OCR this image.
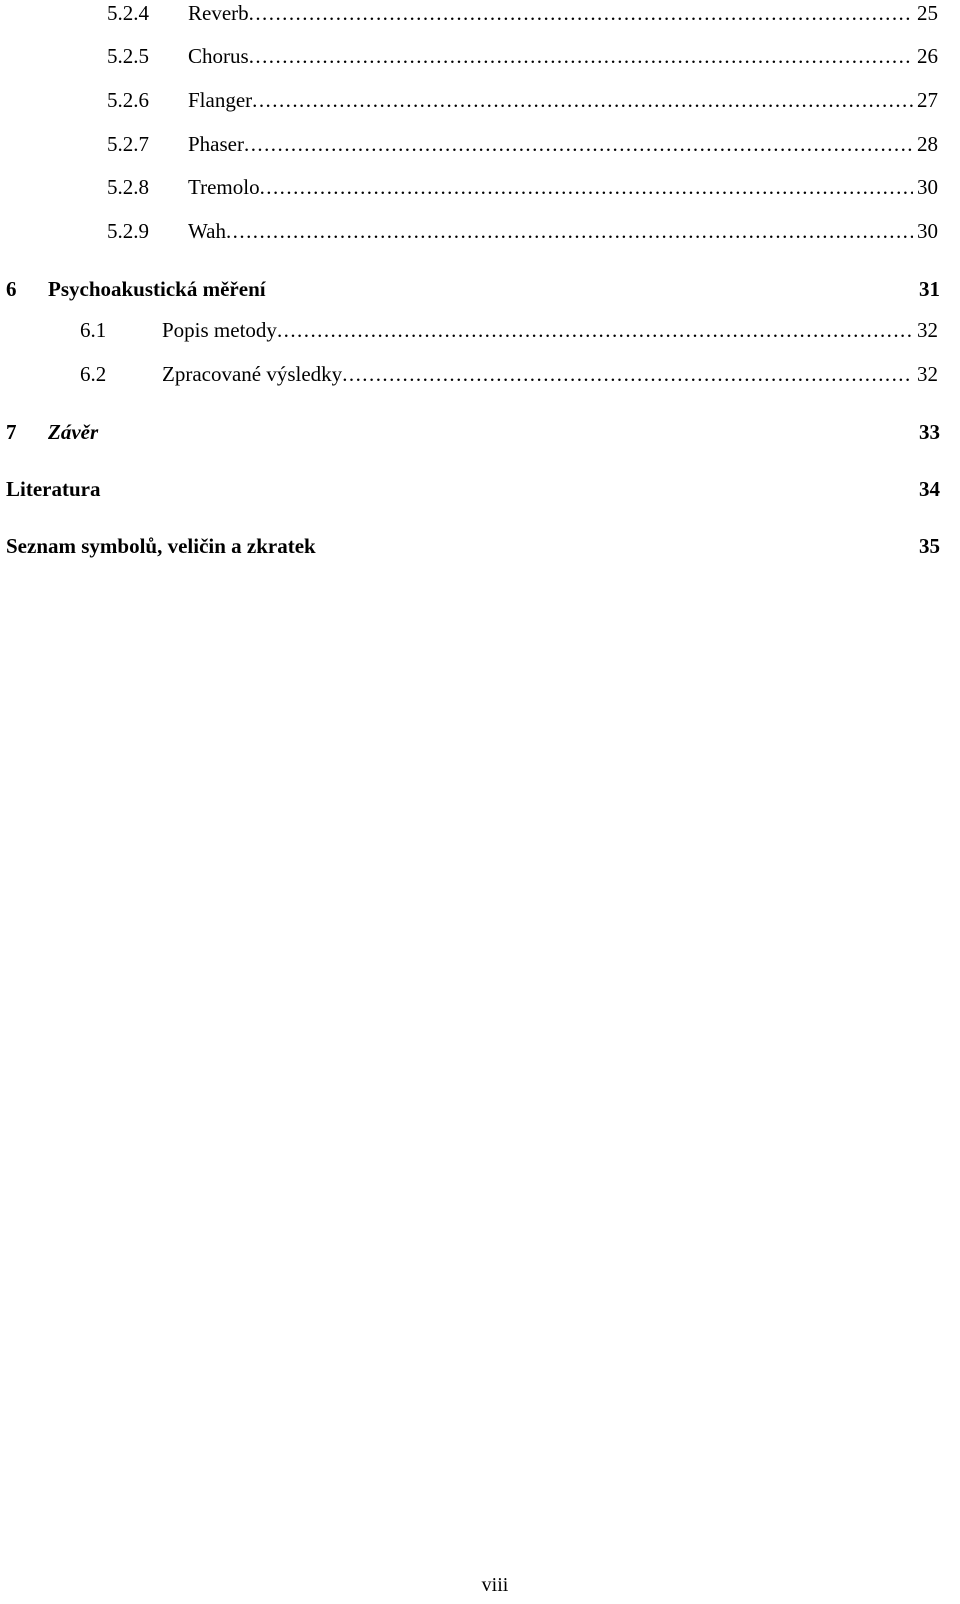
5.2.4 Reverb . . .	25
5.2.5 Chorus . . .	26
5.2.6 Flanger . . .	27
5.2.7 Phaser . . .	28
5.2.8 Tremolo . . .	30
5.2.9 Wah . . .	30
6 Psychoakustická měření	31
6.1	Popis metody . . .	32
6.2	Zpracované výsledky . . .	32
7 Závěr	33
Literatura	34
Seznam symbolů, veličin a zkratek	35
viii
